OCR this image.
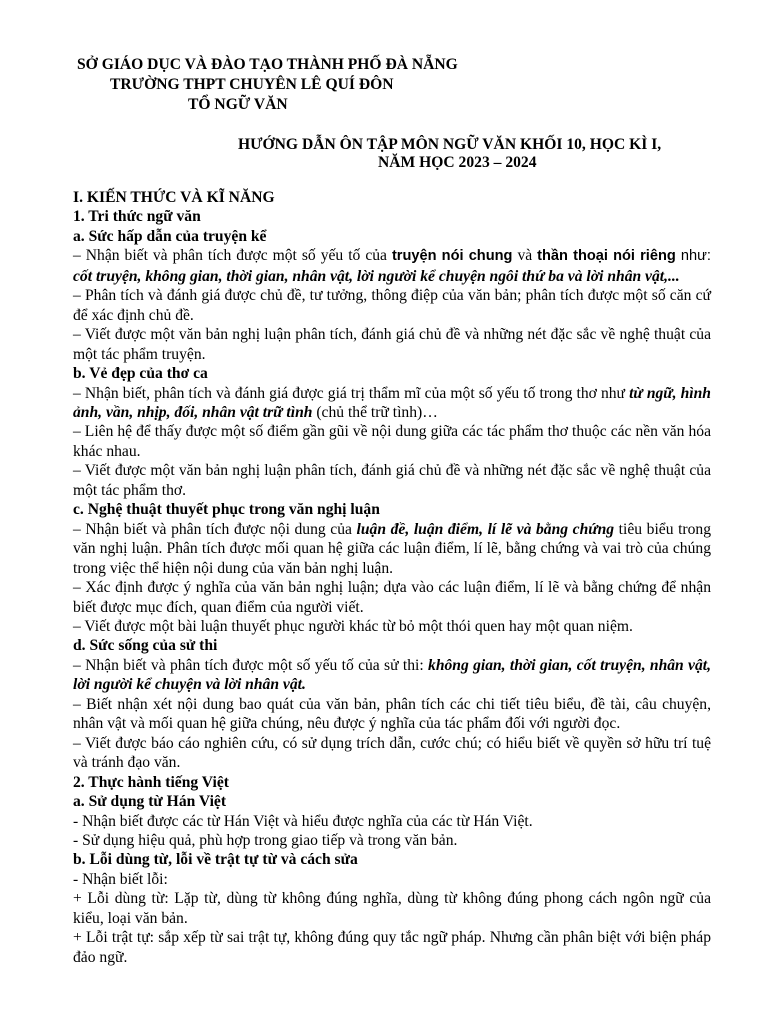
SỞ GIÁO DỤC VÀ ĐÀO TẠO THÀNH PHỐ ĐÀ NẴNG
TRƯỜNG THPT CHUYÊN LÊ QUÍ ĐÔN
TỔ NGỮ VĂN
HƯỚNG DẪN ÔN TẬP MÔN NGỮ VĂN KHỐI 10, HỌC KÌ I,
NĂM HỌC 2023 – 2024

I. KIẾN THỨC VÀ KĨ NĂNG

1. Tri thức ngữ văn

a. Sức hấp dẫn của truyện kể

– Nhận biết và phân tích được một số yếu tố của truyện nói chung và thần thoại nói riêng như: cốt truyện, không gian, thời gian, nhân vật, lời người kể chuyện ngôi thứ ba và lời nhân vật,...

– Phân tích và đánh giá được chủ đề, tư tưởng, thông điệp của văn bản; phân tích được một số căn cứ để xác định chủ đề.

– Viết được một văn bản nghị luận phân tích, đánh giá chủ đề và những nét đặc sắc về nghệ thuật của một tác phẩm truyện.

b. Vẻ đẹp của thơ ca

– Nhận biết, phân tích và đánh giá được giá trị thẩm mĩ của một số yếu tố trong thơ như từ ngữ, hình ảnh, vần, nhịp, đối, nhân vật trữ tình (chủ thể trữ tình)…

– Liên hệ để thấy được một số điểm gần gũi về nội dung giữa các tác phẩm thơ thuộc các nền văn hóa khác nhau.

– Viết được một văn bản nghị luận phân tích, đánh giá chủ đề và những nét đặc sắc về nghệ thuật của một tác phẩm thơ.

c. Nghệ thuật thuyết phục trong văn nghị luận

– Nhận biết và phân tích được nội dung của luận đề, luận điểm, lí lẽ và bằng chứng tiêu biểu trong văn nghị luận. Phân tích được mối quan hệ giữa các luận điểm, lí lẽ, bằng chứng và vai trò của chúng trong việc thể hiện nội dung của văn bản nghị luận.

– Xác định được ý nghĩa của văn bản nghị luận; dựa vào các luận điểm, lí lẽ và bằng chứng để nhận biết được mục đích, quan điểm của người viết.

– Viết được một bài luận thuyết phục người khác từ bỏ một thói quen hay một quan niệm.

d. Sức sống của sử thi

– Nhận biết và phân tích được một số yếu tố của sử thi: không gian, thời gian, cốt truyện, nhân vật, lời người kể chuyện và lời nhân vật.

– Biết nhận xét nội dung bao quát của văn bản, phân tích các chi tiết tiêu biểu, đề tài, câu chuyện, nhân vật và mối quan hệ giữa chúng, nêu được ý nghĩa của tác phẩm đối với người đọc.

– Viết được báo cáo nghiên cứu, có sử dụng trích dẫn, cước chú; có hiểu biết về quyền sở hữu trí tuệ và tránh đạo văn.

2. Thực hành tiếng Việt

a. Sử dụng từ Hán Việt

- Nhận biết được các từ Hán Việt và hiểu được nghĩa của các từ Hán Việt.

- Sử dụng hiệu quả, phù hợp trong giao tiếp và trong văn bản.

b. Lỗi dùng từ, lỗi về trật tự từ và cách sửa

- Nhận biết lỗi:

+ Lỗi dùng từ: Lặp từ, dùng từ không đúng nghĩa, dùng từ không đúng phong cách ngôn ngữ của kiểu, loại văn bản.

+ Lỗi trật tự: sắp xếp từ sai trật tự, không đúng quy tắc ngữ pháp. Nhưng cần phân biệt với biện pháp đảo ngữ.
